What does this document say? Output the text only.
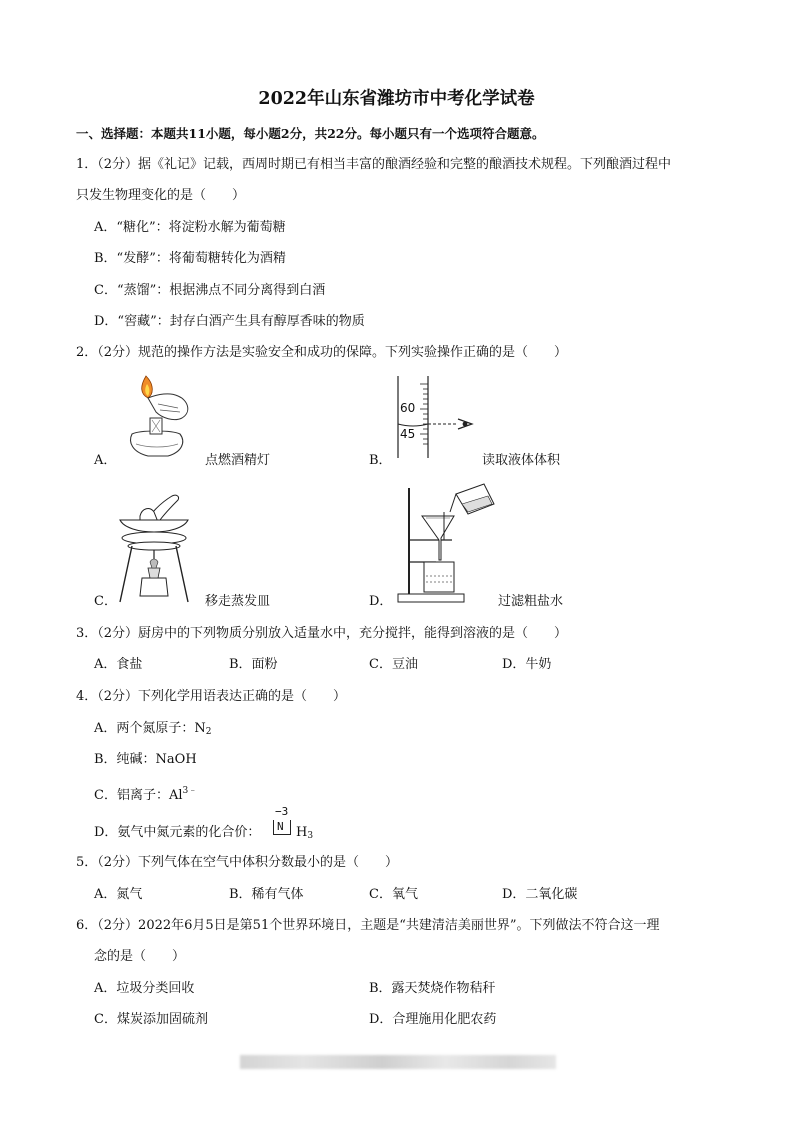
2022年山东省潍坊市中考化学试卷
一、选择题：本题共11小题，每小题2分，共22分。每小题只有一个选项符合题意。
1．（2分）据《礼记》记载，西周时期已有相当丰富的酿酒经验和完整的酿酒技术规程。下列酿酒过程中
只发生物理变化的是（　　）
A．“糖化”：将淀粉水解为葡萄糖
B．“发酵”：将葡萄糖转化为酒精
C．“蒸馏”：根据沸点不同分离得到白酒
D．“窖藏”：封存白酒产生具有醇厚香味的物质
2．（2分）规范的操作方法是实验安全和成功的保障。下列实验操作正确的是（　　）
A．	点燃酒精灯	B．
60
45
读取液体体积
C．	移走蒸发皿	D．	过滤粗盐水
3．（2分）厨房中的下列物质分别放入适量水中，充分搅拌，能得到溶液的是（　　）
A．食盐	B．面粉	C．豆油	D．牛奶
4．（2分）下列化学用语表达正确的是（　　）
A．两个氮原子：$N_2$
B．纯碱：NaOH
C．铝离子：$Al^{3﹣}$
D．氨气中氮元素的化合价：
−3
N $H_3$
5．（2分）下列气体在空气中体积分数最小的是（　　）
A．氮气	B．稀有气体	C．氧气	D．二氧化碳
6．（2分）2022年6月5日是第51个世界环境日，主题是“共建清洁美丽世界”。下列做法不符合这一理
念的是（　　）
A．垃圾分类回收	B．露天焚烧作物秸秆
C．煤炭添加固硫剂	D．合理施用化肥农药
